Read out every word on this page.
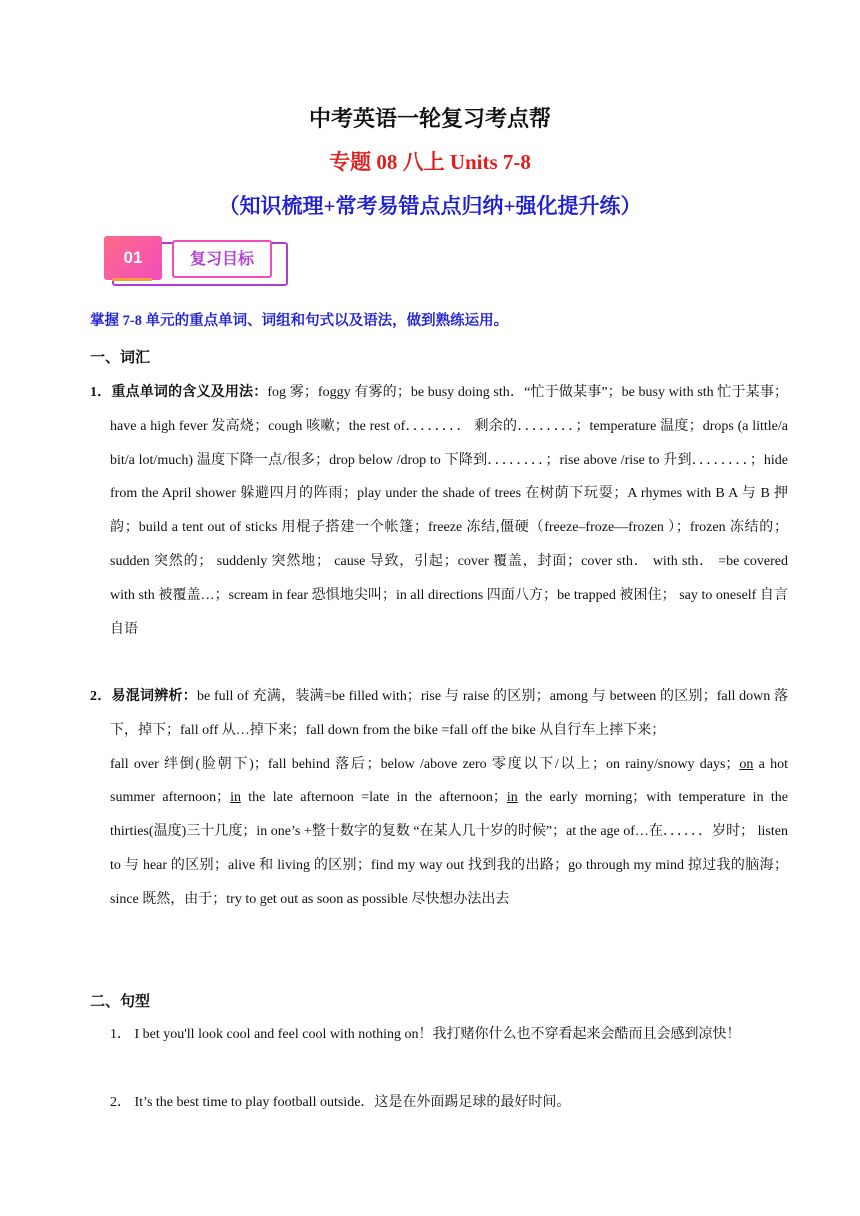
中考英语一轮复习考点帮
专题 08 八上 Units 7-8
（知识梳理+常考易错点点归纳+强化提升练）
01	复习目标
掌握 7-8 单元的重点单词、词组和句式以及语法，做到熟练运用。
一、词汇
1．重点单词的含义及用法：fog 雾；foggy 有雾的；be busy doing sth．“忙于做某事”；be busy with sth 忙于某事；have a high fever 发高烧；cough 咳嗽；the rest of．．．．．．．． 剩余的．．．．．．．．；temperature 温度；drops (a little/a bit/a lot/much) 温度下降一点/很多；drop below /drop to 下降到．．．．．．．．；rise above /rise to 升到．．．．．．．．；hide from the April shower 躲避四月的阵雨；play under the shade of trees 在树荫下玩耍；A rhymes with B A 与 B 押韵；build a tent out of sticks 用棍子搭建一个帐篷；freeze 冻结,僵硬（freeze–froze—frozen ）；frozen 冻结的； sudden 突然的； suddenly 突然地； cause 导致，引起；cover 覆盖，封面；cover sth． with sth． =be covered with sth 被覆盖…；scream in fear 恐惧地尖叫；in all directions 四面八方；be trapped 被困住； say to oneself 自言自语
2．易混词辨析：be full of 充满，装满=be filled with；rise 与 raise 的区别；among 与 between 的区别；fall down 落下，掉下；fall off 从…掉下来；fall down from the bike =fall off the bike 从自行车上摔下来；
fall over 绊倒(脸朝下)；fall behind 落后；below /above zero 零度以下/以上；on rainy/snowy days；on a hot summer afternoon；in the late afternoon =late in the afternoon；in the early morning；with temperature in the thirties(温度)三十几度；in one’s +整十数字的复数 “在某人几十岁的时候”；at the age of…在．．．．．．岁时； listen to 与 hear 的区别；alive 和 living 的区别；find my way out 找到我的出路；go through my mind 掠过我的脑海；since 既然，由于；try to get out as soon as possible 尽快想办法出去
二、句型
1． I bet you'll look cool and feel cool with nothing on！我打赌你什么也不穿看起来会酷而且会感到凉快！
2． It’s the best time to play football outside．这是在外面踢足球的最好时间。
